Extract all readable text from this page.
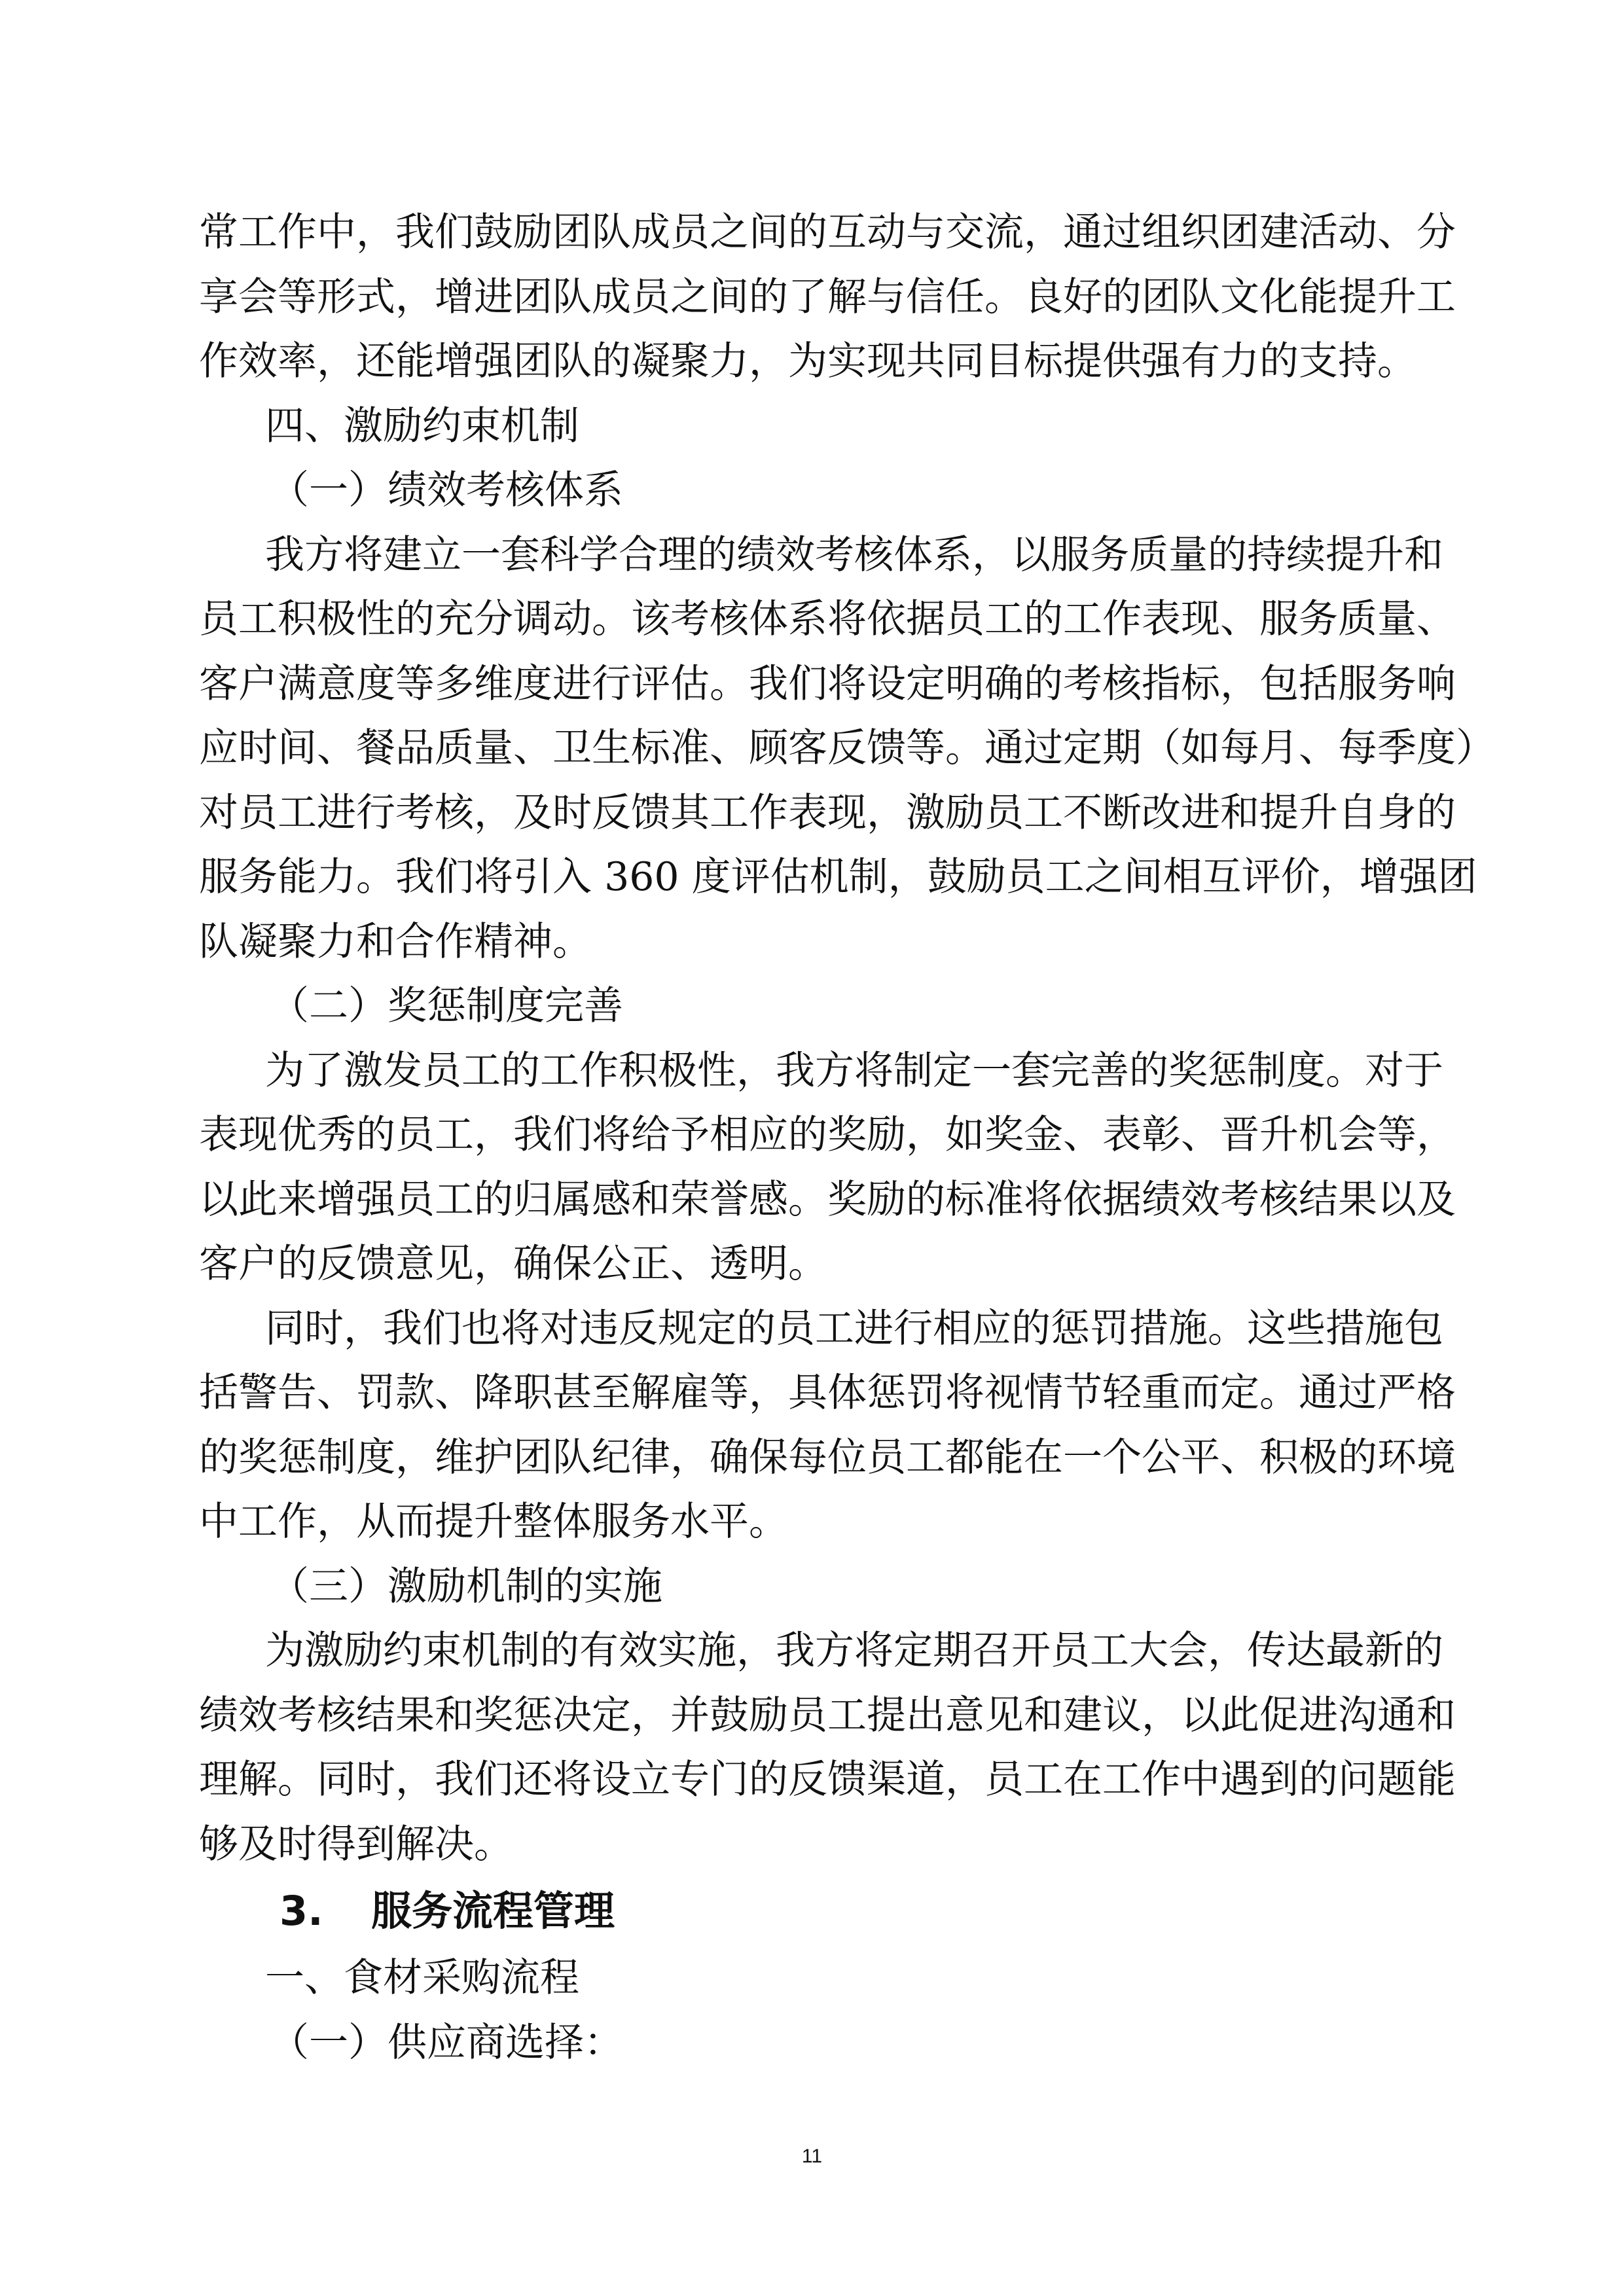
常工作中，我们鼓励团队成员之间的互动与交流，通过组织团建活动、分
享会等形式，增进团队成员之间的了解与信任。良好的团队文化能提升工
作效率，还能增强团队的凝聚力，为实现共同目标提供强有力的支持。
四、激励约束机制
（一）绩效考核体系
我方将建立一套科学合理的绩效考核体系，以服务质量的持续提升和
员工积极性的充分调动。该考核体系将依据员工的工作表现、服务质量、
客户满意度等多维度进行评估。我们将设定明确的考核指标，包括服务响
应时间、餐品质量、卫生标准、顾客反馈等。通过定期（如每月、每季度）
对员工进行考核，及时反馈其工作表现，激励员工不断改进和提升自身的
服务能力。我们将引入 360 度评估机制，鼓励员工之间相互评价，增强团
队凝聚力和合作精神。
（二）奖惩制度完善
为了激发员工的工作积极性，我方将制定一套完善的奖惩制度。对于
表现优秀的员工，我们将给予相应的奖励，如奖金、表彰、晋升机会等，
以此来增强员工的归属感和荣誉感。奖励的标准将依据绩效考核结果以及
客户的反馈意见，确保公正、透明。
同时，我们也将对违反规定的员工进行相应的惩罚措施。这些措施包
括警告、罚款、降职甚至解雇等，具体惩罚将视情节轻重而定。通过严格
的奖惩制度，维护团队纪律，确保每位员工都能在一个公平、积极的环境
中工作，从而提升整体服务水平。
（三）激励机制的实施
为激励约束机制的有效实施，我方将定期召开员工大会，传达最新的
绩效考核结果和奖惩决定，并鼓励员工提出意见和建议，以此促进沟通和
理解。同时，我们还将设立专门的反馈渠道，员工在工作中遇到的问题能
够及时得到解决。
3. 服务流程管理
一、食材采购流程
（一）供应商选择：
11
